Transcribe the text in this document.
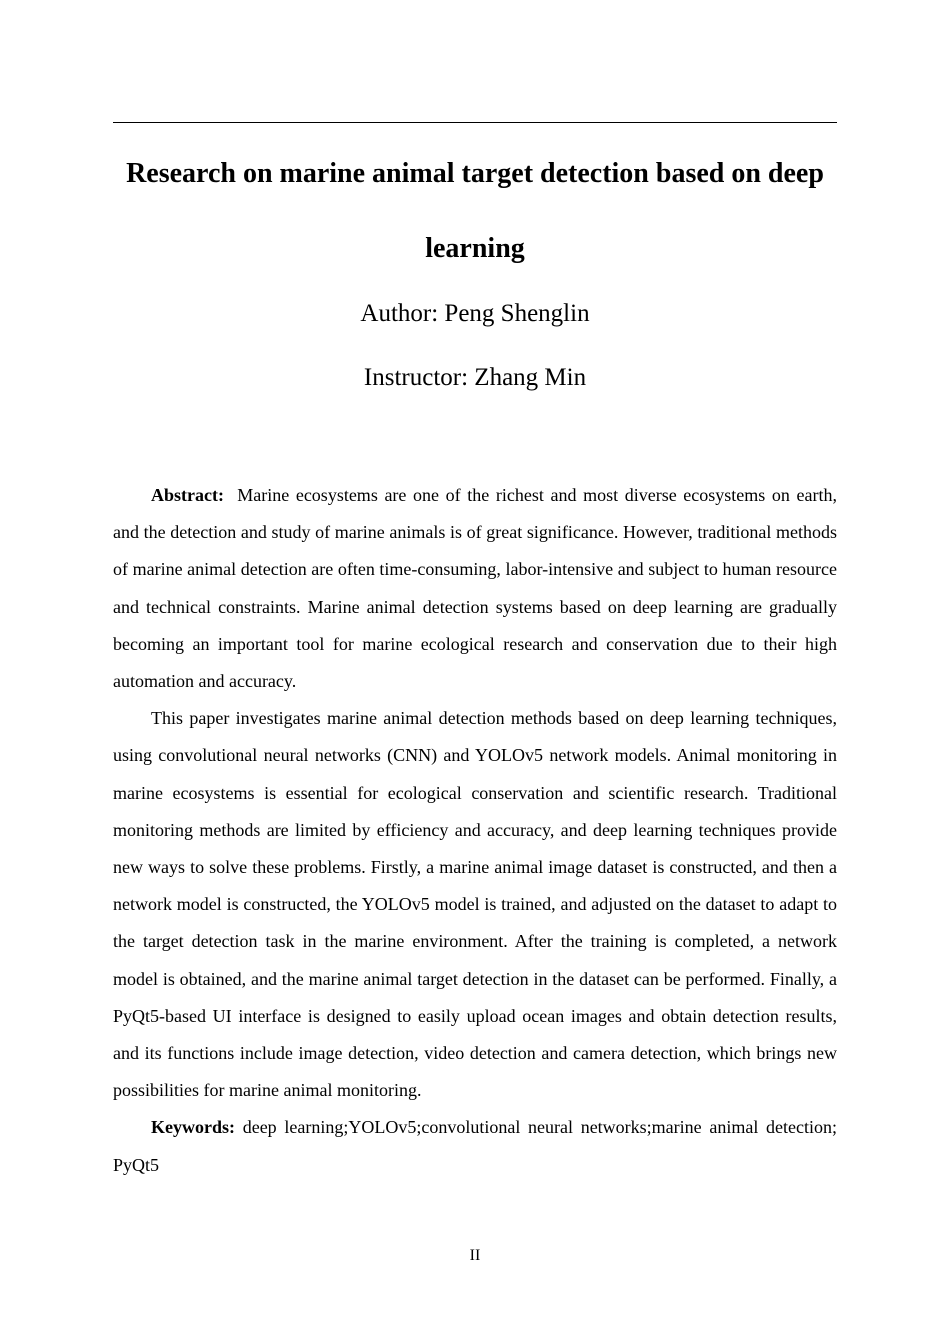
Research on marine animal target detection based on deep learning
Author: Peng Shenglin
Instructor: Zhang Min

Abstract: Marine ecosystems are one of the richest and most diverse ecosystems on earth, and the detection and study of marine animals is of great significance. However, traditional methods of marine animal detection are often time-consuming, labor-intensive and subject to human resource and technical constraints. Marine animal detection systems based on deep learning are gradually becoming an important tool for marine ecological research and conservation due to their high automation and accuracy.

This paper investigates marine animal detection methods based on deep learning techniques, using convolutional neural networks (CNN) and YOLOv5 network models. Animal monitoring in marine ecosystems is essential for ecological conservation and scientific research. Traditional monitoring methods are limited by efficiency and accuracy, and deep learning techniques provide new ways to solve these problems. Firstly, a marine animal image dataset is constructed, and then a network model is constructed, the YOLOv5 model is trained, and adjusted on the dataset to adapt to the target detection task in the marine environment. After the training is completed, a network model is obtained, and the marine animal target detection in the dataset can be performed. Finally, a PyQt5-based UI interface is designed to easily upload ocean images and obtain detection results, and its functions include image detection, video detection and camera detection, which brings new possibilities for marine animal monitoring.

Keywords: deep learning;YOLOv5;convolutional neural networks;marine animal detection; PyQt5

II
